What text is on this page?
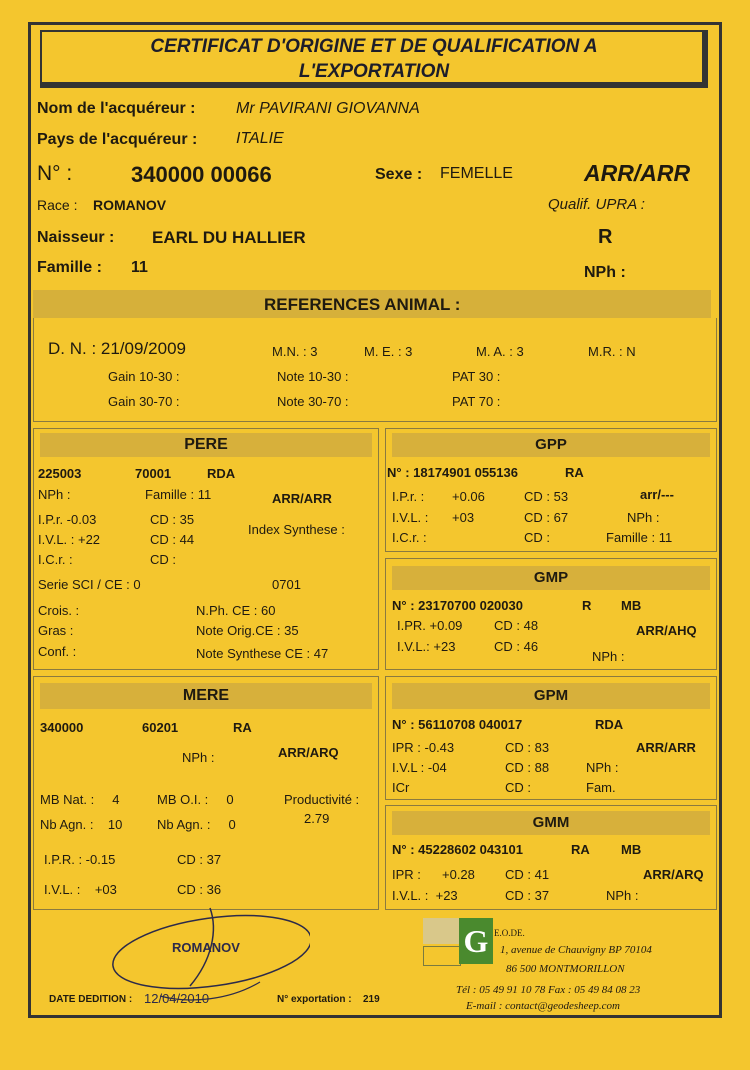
CERTIFICAT D'ORIGINE ET DE QUALIFICATION A
L'EXPORTATION
Nom de l'acquéreur :	Mr PAVIRANI GIOVANNA
Pays de l'acquéreur : ITALIE
N° :	340000 00066	Sexe : FEMELLE	ARR/ARR
Race : ROMANOV	Qualif. UPRA :
Naisseur : EARL DU HALLIER	R
Famille : 11	NPh :
REFERENCES ANIMAL :
D. N. : 21/09/2009	M.N. : 3	M. E. : 3	M. A. : 3	M.R. : N
Gain 10-30 :	Note 10-30 :	PAT 30 :
Gain 30-70 :	Note 30-70 :	PAT 70 :
PERE
225003	70001	RDA
NPh :	Famille : 11	ARR/ARR
I.P.r. -0.03	CD : 35
Index Synthese :
I.V.L. : +22	CD : 44
I.C.r. :	CD :
Serie SCI / CE : 0	0701
Crois. :	N.Ph. CE : 60
Gras :	Note Orig.CE : 35
Conf. :	Note Synthese CE : 47
GPP
N° : 18174901 055136	RA
I.P.r. : +0.06	CD : 53	arr/---
I.V.L. : +03	CD : 67	NPh :
I.C.r. :	CD :	Famille : 11
GMP
N° : 23170700 020030	R MB
I.PR. +0.09 CD : 48	ARR/AHQ
I.V.L.: +23	CD : 46
NPh :
MERE
340000	60201	RA
NPh :	ARR/ARQ
MB Nat. :     4	MB O.I. :     0	Productivité :
Nb Agn. :    10	Nb Agn. :     0	2.79
I.P.R. : -0.15	CD : 37
I.V.L. :    +03	CD : 36
GPM
N° : 56110708 040017	RDA
IPR : -0.43	CD : 83	ARR/ARR
I.V.L : -04	CD : 88	NPh :
ICr	CD :	Fam.
GMM
N° : 45228602 043101	RA MB
IPR : +0.28 CD : 41	ARR/ARQ
I.V.L. :  +23	CD : 37	NPh :
ROMANOV
DATE DEDITION : 12/04/2010	N° exportation : 219
G E.O.DE.
1, avenue de Chauvigny BP 70104
86 500 MONTMORILLON
Tél : 05 49 91 10 78 Fax : 05 49 84 08 23
E-mail : contact@geodesheep.com
